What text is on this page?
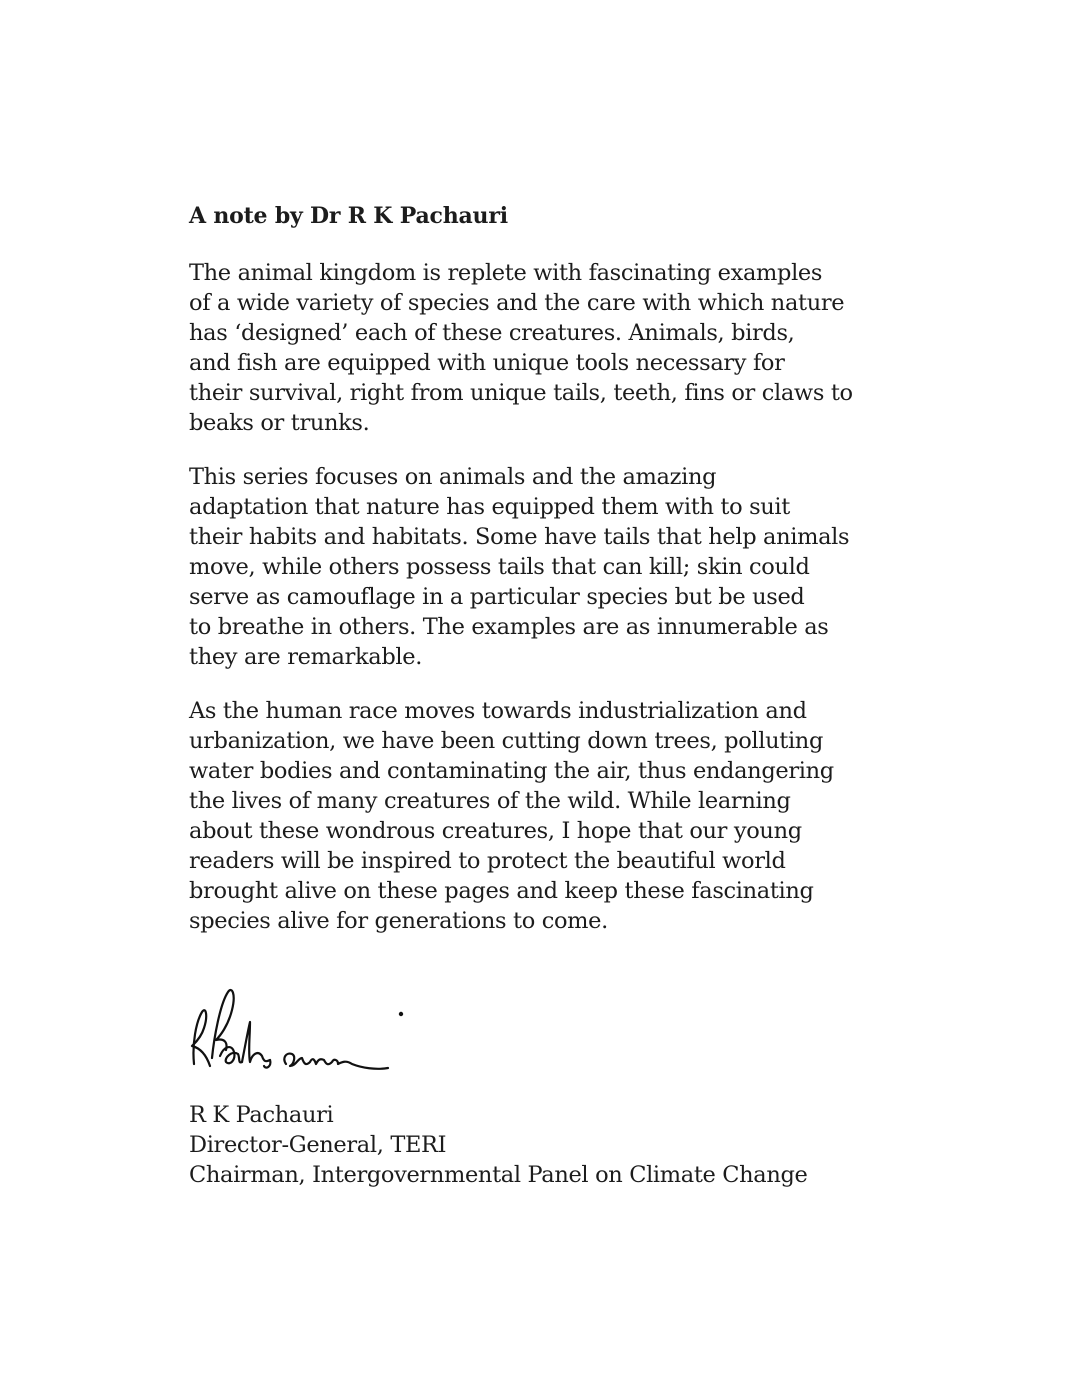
A note by Dr R K Pachauri

The animal kingdom is replete with fascinating examples
of a wide variety of species and the care with which nature
has ‘designed’ each of these creatures. Animals, birds,
and fish are equipped with unique tools necessary for
their survival, right from unique tails, teeth, fins or claws to
beaks or trunks.

This series focuses on animals and the amazing
adaptation that nature has equipped them with to suit
their habits and habitats. Some have tails that help animals
move, while others possess tails that can kill; skin could
serve as camouflage in a particular species but be used
to breathe in others. The examples are as innumerable as
they are remarkable.

As the human race moves towards industrialization and
urbanization, we have been cutting down trees, polluting
water bodies and contaminating the air, thus endangering
the lives of many creatures of the wild. While learning
about these wondrous creatures, I hope that our young
readers will be inspired to protect the beautiful world
brought alive on these pages and keep these fascinating
species alive for generations to come.

R K Pachauri
Director-General, TERI
Chairman, Intergovernmental Panel on Climate Change
